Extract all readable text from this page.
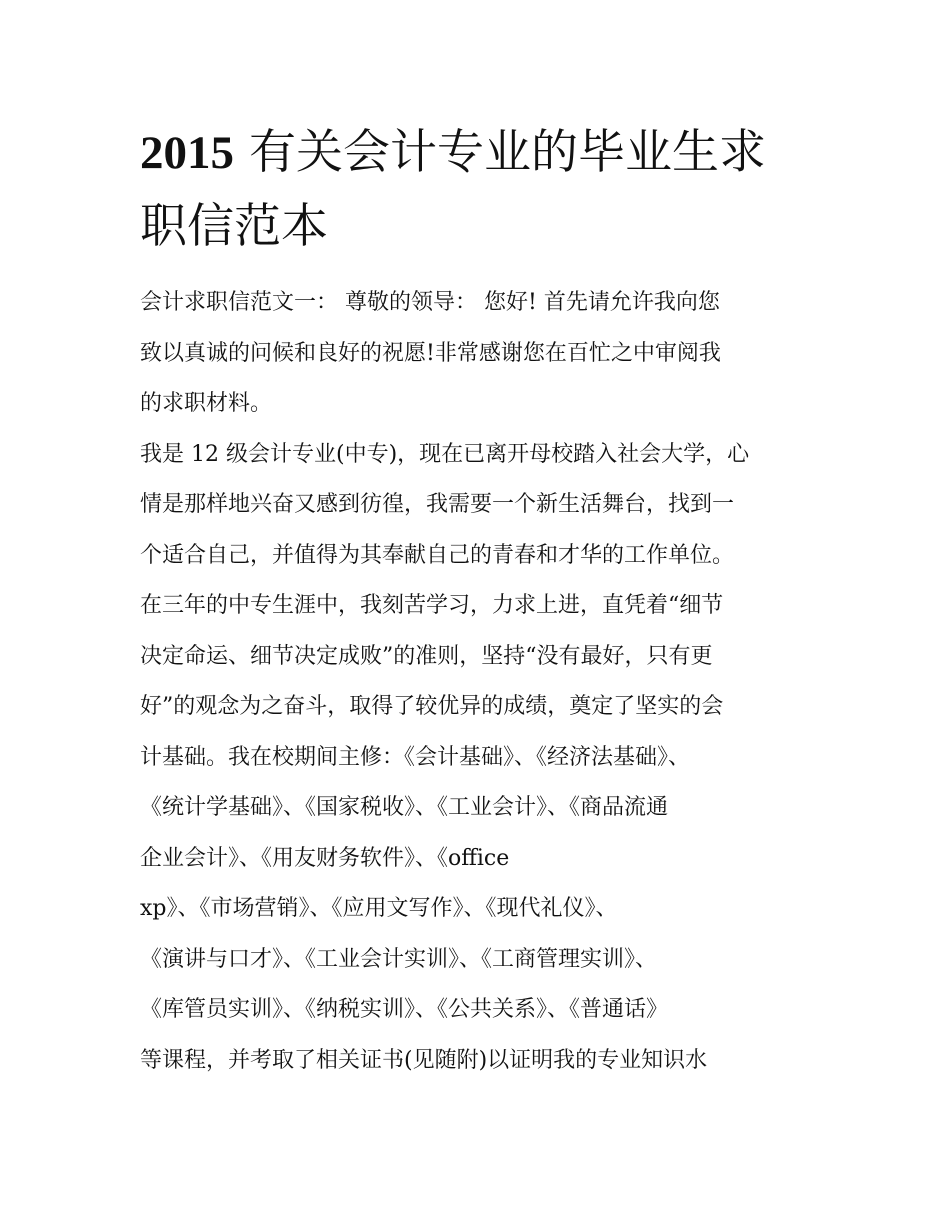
2015 有关会计专业的毕业生求
职信范本
会计求职信范文一： 尊敬的领导： 您好! 首先请允许我向您
致以真诚的问候和良好的祝愿!非常感谢您在百忙之中审阅我
的求职材料。
我是 12 级会计专业(中专)，现在已离开母校踏入社会大学，心
情是那样地兴奋又感到彷徨，我需要一个新生活舞台，找到一
个适合自己，并值得为其奉献自己的青春和才华的工作单位。
在三年的中专生涯中，我刻苦学习，力求上进，直凭着“细节
决定命运、细节决定成败”的准则，坚持“没有最好，只有更
好”的观念为之奋斗，取得了较优异的成绩，奠定了坚实的会
计基础。我在校期间主修：《会计基础》、《经济法基础》、
《统计学基础》、《国家税收》、《工业会计》、《商品流通
企业会计》、《用友财务软件》、《office
xp》、《市场营销》、《应用文写作》、《现代礼仪》、
《演讲与口才》、《工业会计实训》、《工商管理实训》、
《库管员实训》、《纳税实训》、《公共关系》、《普通话》
等课程，并考取了相关证书(见随附)以证明我的专业知识水
